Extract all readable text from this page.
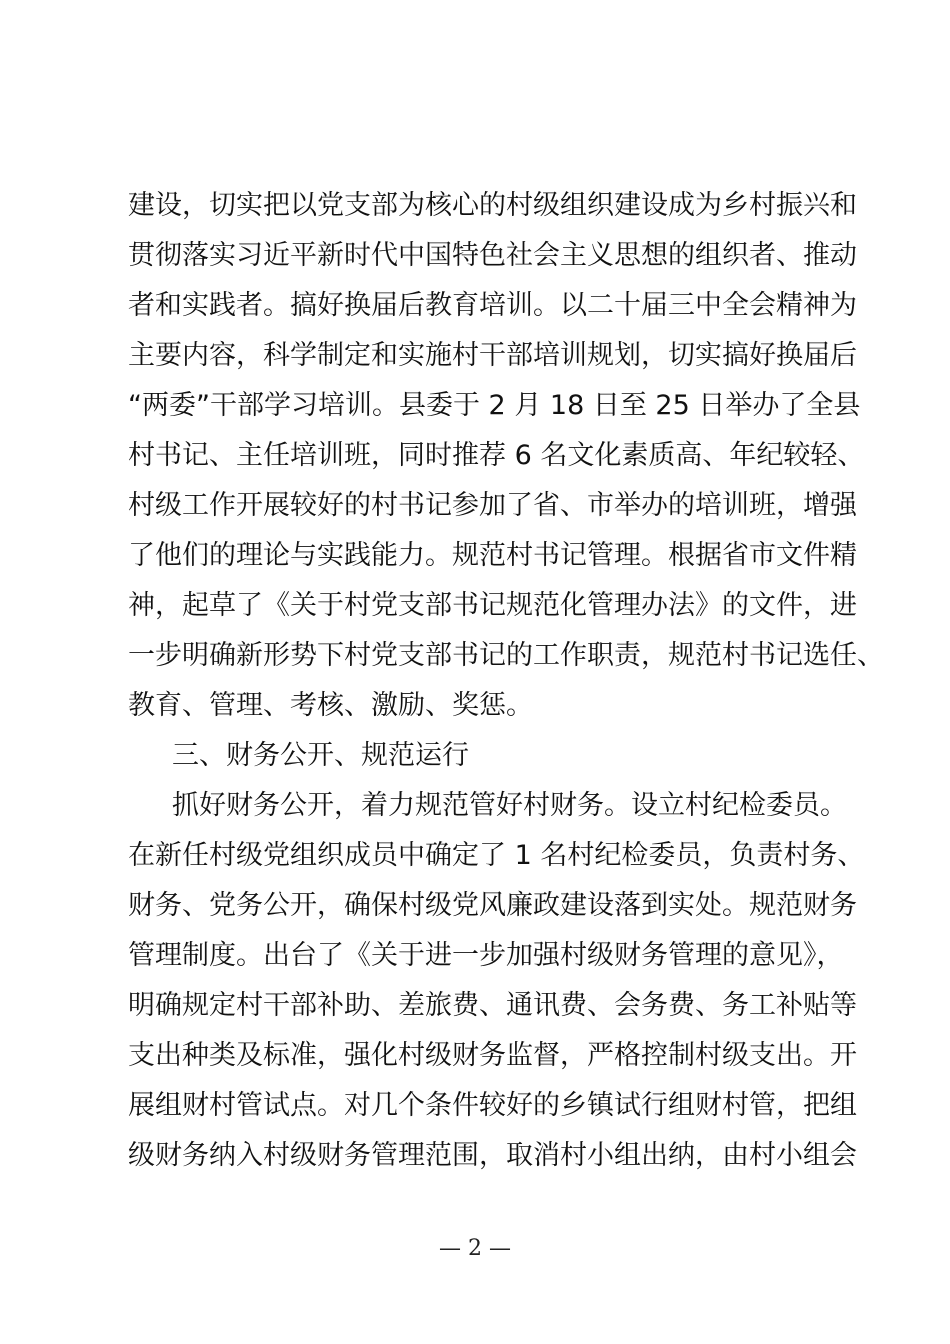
建设，切实把以党支部为核心的村级组织建设成为乡村振兴和
贯彻落实习近平新时代中国特色社会主义思想的组织者、推动
者和实践者。搞好换届后教育培训。以二十届三中全会精神为
主要内容，科学制定和实施村干部培训规划，切实搞好换届后
“两委”干部学习培训。县委于 2 月 18 日至 25 日举办了全县
村书记、主任培训班，同时推荐 6 名文化素质高、年纪较轻、
村级工作开展较好的村书记参加了省、市举办的培训班，增强
了他们的理论与实践能力。规范村书记管理。根据省市文件精
神，起草了《关于村党支部书记规范化管理办法》的文件，进
一步明确新形势下村党支部书记的工作职责，规范村书记选任、
教育、管理、考核、激励、奖惩。
三、财务公开、规范运行
抓好财务公开，着力规范管好村财务。设立村纪检委员。
在新任村级党组织成员中确定了 1 名村纪检委员，负责村务、
财务、党务公开，确保村级党风廉政建设落到实处。规范财务
管理制度。出台了《关于进一步加强村级财务管理的意见》，
明确规定村干部补助、差旅费、通讯费、会务费、务工补贴等
支出种类及标准，强化村级财务监督，严格控制村级支出。开
展组财村管试点。对几个条件较好的乡镇试行组财村管，把组
级财务纳入村级财务管理范围，取消村小组出纳，由村小组会
— 2 —
